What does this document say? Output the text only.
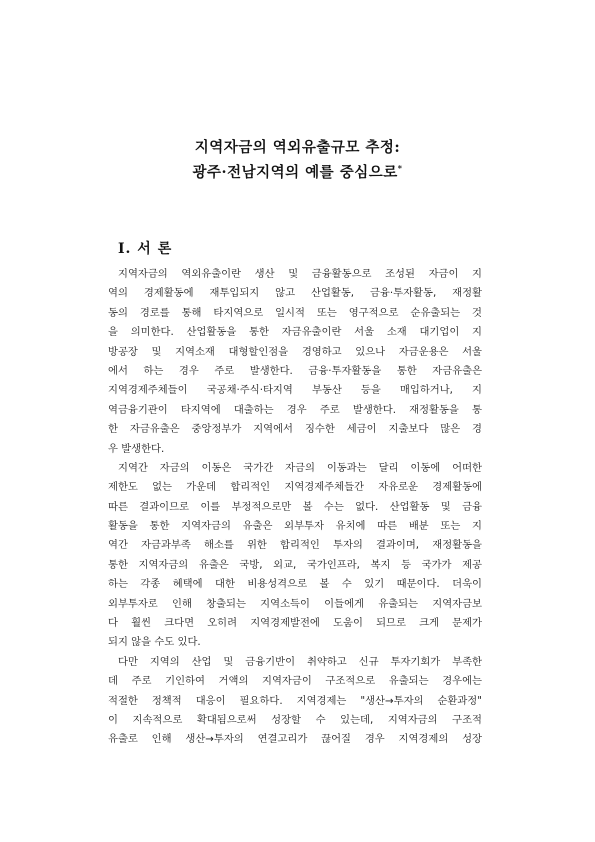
지역자금의 역외유출규모 추정:
광주·전남지역의 예를 중심으로*
I. 서 론
지역자금의 역외유출이란 생산 및 금융활동으로 조성된 자금이 지
역의 경제활동에 재투입되지 않고 산업활동, 금융·투자활동, 재정활
동의 경로를 통해 타지역으로 일시적 또는 영구적으로 순유출되는 것
을 의미한다. 산업활동을 통한 자금유출이란 서울 소재 대기업이 지
방공장 및 지역소재 대형할인점을 경영하고 있으나 자금운용은 서울
에서 하는 경우 주로 발생한다. 금융·투자활동을 통한 자금유출은
지역경제주체들이 국공채·주식·타지역 부동산 등을 매입하거나, 지
역금융기관이 타지역에 대출하는 경우 주로 발생한다. 재정활동을 통
한 자금유출은 중앙정부가 지역에서 징수한 세금이 지출보다 많은 경
우 발생한다.
지역간 자금의 이동은 국가간 자금의 이동과는 달리 이동에 어떠한
제한도 없는 가운데 합리적인 지역경제주체들간 자유로운 경제활동에
따른 결과이므로 이를 부정적으로만 볼 수는 없다. 산업활동 및 금융
활동을 통한 지역자금의 유출은 외부투자 유치에 따른 배분 또는 지
역간 자금과부족 해소를 위한 합리적인 투자의 결과이며, 재정활동을
통한 지역자금의 유출은 국방, 외교, 국가인프라, 복지 등 국가가 제공
하는 각종 혜택에 대한 비용성격으로 볼 수 있기 때문이다. 더욱이
외부투자로 인해 창출되는 지역소득이 이들에게 유출되는 지역자금보
다 훨씬 크다면 오히려 지역경제발전에 도움이 되므로 크게 문제가
되지 않을 수도 있다.
다만 지역의 산업 및 금융기반이 취약하고 신규 투자기회가 부족한
데 주로 기인하여 거액의 지역자금이 구조적으로 유출되는 경우에는
적절한 정책적 대응이 필요하다. 지역경제는 "생산→투자의 순환과정"
이 지속적으로 확대됨으로써 성장할 수 있는데, 지역자금의 구조적
유출로 인해 생산→투자의 연결고리가 끊어질 경우 지역경제의 성장
